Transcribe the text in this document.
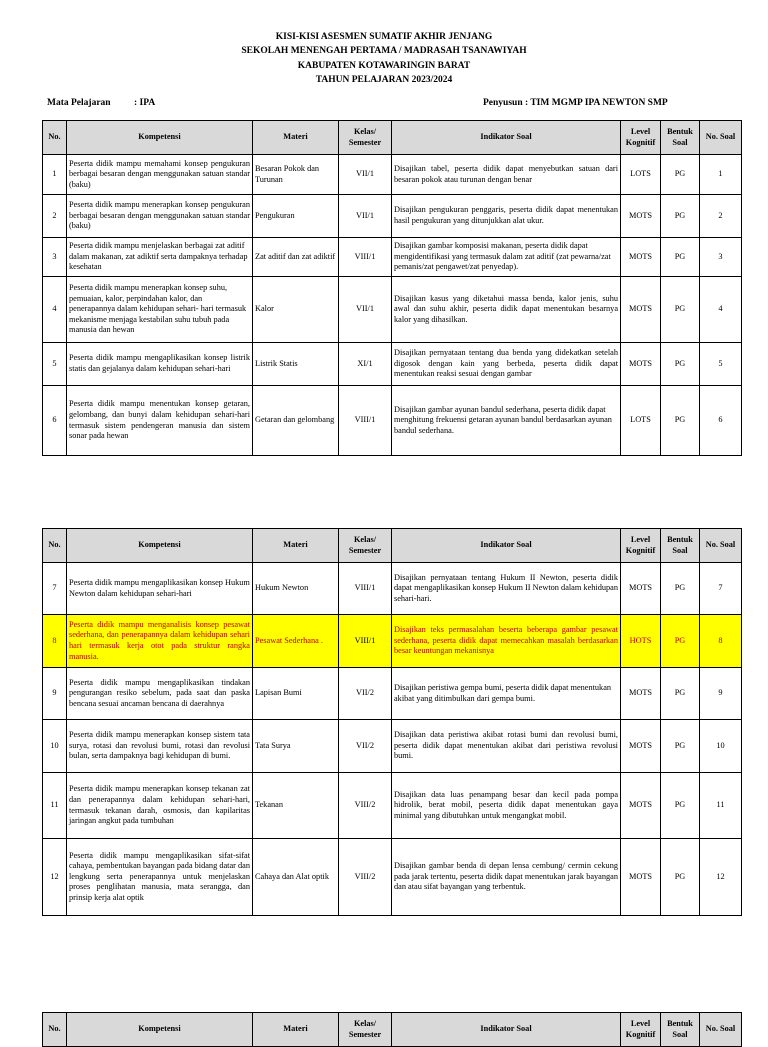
KISI-KISI ASESMEN SUMATIF AKHIR JENJANG
SEKOLAH MENENGAH PERTAMA / MADRASAH TSANAWIYAH
KABUPATEN KOTAWARINGIN BARAT
TAHUN PELAJARAN 2023/2024
Mata Pelajaran : IPA	Penyusun : TIM MGMP IPA NEWTON SMP
No.	Kompetensi	Materi	Kelas/ Semester	Indikator Soal	Level Kognitif	Bentuk Soal	No. Soal
1	Peserta didik mampu memahami konsep pengukuran berbagai besaran dengan menggunakan satuan standar (baku)	Besaran Pokok dan Turunan	VII/1	Disajikan tabel, peserta didik dapat menyebutkan satuan dari besaran pokok atau turunan dengan benar	LOTS	PG	1
2	Peserta didik mampu menerapkan konsep pengukuran berbagai besaran dengan menggunakan satuan standar (baku)	Pengukuran	VII/1	Disajikan pengukuran penggaris, peserta didik dapat menentukan hasil pengukuran yang ditunjukkan alat ukur.	MOTS	PG	2
3	Peserta didik mampu menjelaskan berbagai zat aditif dalam makanan, zat adiktif serta dampaknya terhadap kesehatan	Zat aditif dan zat adiktif	VIII/1	Disajikan gambar komposisi makanan, peserta didik dapat mengidentifikasi yang termasuk dalam zat aditif (zat pewarna/zat pemanis/zat pengawet/zat penyedap).	MOTS	PG	3
4	Peserta didik mampu menerapkan konsep suhu, pemuaian, kalor, perpindahan kalor, dan penerapannya dalam kehidupan sehari- hari termasuk mekanisme menjaga kestabilan suhu tubuh pada manusia dan hewan	Kalor	VII/1	Disajikan kasus yang diketahui massa benda, kalor jenis, suhu awal dan suhu akhir, peserta didik dapat menentukan besarnya kalor yang dihasilkan.	MOTS	PG	4
5	Peserta didik mampu mengaplikasikan konsep listrik statis dan gejalanya dalam kehidupan sehari-hari	Listrik Statis	XI/1	Disajikan pernyataan tentang dua benda yang didekatkan setelah digosok dengan kain yang berbeda, peserta didik dapat menentukan reaksi sesuai dengan gambar	MOTS	PG	5
6	Peserta didik mampu menentukan konsep getaran, gelombang, dan bunyi dalam kehidupan sehari-hari termasuk sistem pendengeran manusia dan sistem sonar pada hewan	Getaran dan gelombang	VIII/1	Disajikan gambar ayunan bandul sederhana, peserta didik dapat menghitung frekuensi getaran ayunan bandul berdasarkan ayunan bandul sederhana.	LOTS	PG	6
No.	Kompetensi	Materi	Kelas/ Semester	Indikator Soal	Level Kognitif	Bentuk Soal	No. Soal
7	Peserta didik mampu mengaplikasikan konsep Hukum Newton dalam kehidupan sehari-hari	Hukum Newton	VIII/1	Disajikan pernyataan tentang Hukum II Newton, peserta didik dapat mengaplikasikan konsep Hukum II Newton dalam kehidupan sehari-hari.	MOTS	PG	7
8	Peserta didik mampu menganalisis konsep pesawat sederhana, dan penerapannya dalam kehidupan sehari hari termasuk kerja otot pada struktur rangka manusia.	Pesawat Sederhana .	VIII/1	Disajikan teks permasalahan beserta beberapa gambar pesawat sederhana, peserta didik dapat memecahkan masalah berdasarkan besar keuntungan mekanisnya	HOTS	PG	8
9	Peserta didik mampu mengaplikasikan tindakan pengurangan resiko sebelum, pada saat dan paska bencana sesuai ancaman bencana di daerahnya	Lapisan Bumi	VII/2	Disajikan peristiwa gempa bumi, peserta didik dapat menentukan akibat yang ditimbulkan dari gempa bumi.	MOTS	PG	9
10	Peserta didik mampu menerapkan konsep sistem tata surya, rotasi dan revolusi bumi, rotasi dan revolusi bulan, serta dampaknya bagi kehidupan di bumi.	Tata Surya	VII/2	Disajikan data peristiwa akibat rotasi bumi dan revolusi bumi, peserta didik dapat menentukan akibat dari peristiwa revolusi bumi.	MOTS	PG	10
11	Peserta didik mampu menerapkan konsep tekanan zat dan penerapannya dalam kehidupan sehari-hari, termasuk tekanan darah, osmosis, dan kapilaritas jaringan angkut pada tumbuhan	Tekanan	VIII/2	Disajikan data luas penampang besar dan kecil pada pompa hidrolik, berat mobil, peserta didik dapat menentukan gaya minimal yang dibutuhkan untuk mengangkat mobil.	MOTS	PG	11
12	Peserta didik mampu mengaplikasikan sifat-sifat cahaya, pembentukan bayangan pada bidang datar dan lengkung serta penerapannya untuk menjelaskan proses penglihatan manusia, mata serangga, dan prinsip kerja alat optik	Cahaya dan Alat optik	VIII/2	Disajikan gambar benda di depan lensa cembung/ cermin cekung pada jarak tertentu, peserta didik dapat menentukan jarak bayangan dan atau sifat bayangan yang terbentuk.	MOTS	PG	12
No.	Kompetensi	Materi	Kelas/ Semester	Indikator Soal	Level Kognitif	Bentuk Soal	No. Soal
